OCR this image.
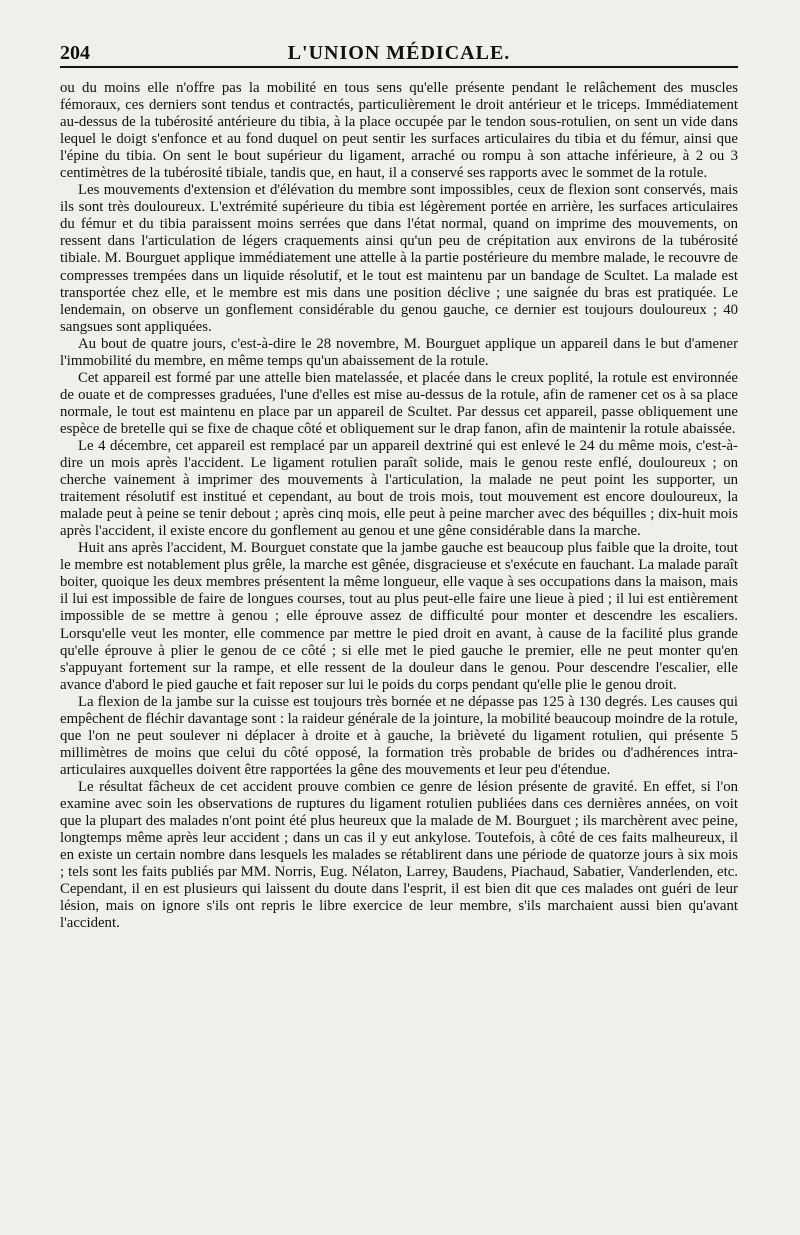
204	L'UNION MÉDICALE.

ou du moins elle n'offre pas la mobilité en tous sens qu'elle présente pendant le relâchement des muscles fémoraux, ces derniers sont tendus et contractés, particulièrement le droit antérieur et le triceps. Immédiatement au-dessus de la tubérosité antérieure du tibia, à la place occupée par le tendon sous-rotulien, on sent un vide dans lequel le doigt s'enfonce et au fond duquel on peut sentir les surfaces articulaires du tibia et du fémur, ainsi que l'épine du tibia. On sent le bout supérieur du ligament, arraché ou rompu à son attache inférieure, à 2 ou 3 centimètres de la tubérosité tibiale, tandis que, en haut, il a conservé ses rapports avec le sommet de la rotule.

Les mouvements d'extension et d'élévation du membre sont impossibles, ceux de flexion sont conservés, mais ils sont très douloureux. L'extrémité supérieure du tibia est légèrement portée en arrière, les surfaces articulaires du fémur et du tibia paraissent moins serrées que dans l'état normal, quand on imprime des mouvements, on ressent dans l'articulation de légers craquements ainsi qu'un peu de crépitation aux environs de la tubérosité tibiale. M. Bourguet applique immédiatement une attelle à la partie postérieure du membre malade, le recouvre de compresses trempées dans un liquide résolutif, et le tout est maintenu par un bandage de Scultet. La malade est transportée chez elle, et le membre est mis dans une position déclive ; une saignée du bras est pratiquée. Le lendemain, on observe un gonflement considérable du genou gauche, ce dernier est toujours douloureux ; 40 sangsues sont appliquées.

Au bout de quatre jours, c'est-à-dire le 28 novembre, M. Bourguet applique un appareil dans le but d'amener l'immobilité du membre, en même temps qu'un abaissement de la rotule.

Cet appareil est formé par une attelle bien matelassée, et placée dans le creux poplité, la rotule est environnée de ouate et de compresses graduées, l'une d'elles est mise au-dessus de la rotule, afin de ramener cet os à sa place normale, le tout est maintenu en place par un appareil de Scultet. Par dessus cet appareil, passe obliquement une espèce de bretelle qui se fixe de chaque côté et obliquement sur le drap fanon, afin de maintenir la rotule abaissée.

Le 4 décembre, cet appareil est remplacé par un appareil dextriné qui est enlevé le 24 du même mois, c'est-à-dire un mois après l'accident. Le ligament rotulien paraît solide, mais le genou reste enflé, douloureux ; on cherche vainement à imprimer des mouvements à l'articulation, la malade ne peut point les supporter, un traitement résolutif est institué et cependant, au bout de trois mois, tout mouvement est encore douloureux, la malade peut à peine se tenir debout ; après cinq mois, elle peut à peine marcher avec des béquilles ; dix-huit mois après l'accident, il existe encore du gonflement au genou et une gêne considérable dans la marche.

Huit ans après l'accident, M. Bourguet constate que la jambe gauche est beaucoup plus faible que la droite, tout le membre est notablement plus grêle, la marche est gênée, disgracieuse et s'exécute en fauchant. La malade paraît boiter, quoique les deux membres présentent la même longueur, elle vaque à ses occupations dans la maison, mais il lui est impossible de faire de longues courses, tout au plus peut-elle faire une lieue à pied ; il lui est entièrement impossible de se mettre à genou ; elle éprouve assez de difficulté pour monter et descendre les escaliers. Lorsqu'elle veut les monter, elle commence par mettre le pied droit en avant, à cause de la facilité plus grande qu'elle éprouve à plier le genou de ce côté ; si elle met le pied gauche le premier, elle ne peut monter qu'en s'appuyant fortement sur la rampe, et elle ressent de la douleur dans le genou. Pour descendre l'escalier, elle avance d'abord le pied gauche et fait reposer sur lui le poids du corps pendant qu'elle plie le genou droit.

La flexion de la jambe sur la cuisse est toujours très bornée et ne dépasse pas 125 à 130 degrés. Les causes qui empêchent de fléchir davantage sont : la raideur générale de la jointure, la mobilité beaucoup moindre de la rotule, que l'on ne peut soulever ni déplacer à droite et à gauche, la brièveté du ligament rotulien, qui présente 5 millimètres de moins que celui du côté opposé, la formation très probable de brides ou d'adhérences intra-articulaires auxquelles doivent être rapportées la gêne des mouvements et leur peu d'étendue.

Le résultat fâcheux de cet accident prouve combien ce genre de lésion présente de gravité. En effet, si l'on examine avec soin les observations de ruptures du ligament rotulien publiées dans ces dernières années, on voit que la plupart des malades n'ont point été plus heureux que la malade de M. Bourguet ; ils marchèrent avec peine, longtemps même après leur accident ; dans un cas il y eut ankylose. Toutefois, à côté de ces faits malheureux, il en existe un certain nombre dans lesquels les malades se rétablirent dans une période de quatorze jours à six mois ; tels sont les faits publiés par MM. Norris, Eug. Nélaton, Larrey, Baudens, Piachaud, Sabatier, Vanderlenden, etc. Cependant, il en est plusieurs qui laissent du doute dans l'esprit, il est bien dit que ces malades ont guéri de leur lésion, mais on ignore s'ils ont repris le libre exercice de leur membre, s'ils marchaient aussi bien qu'avant l'accident.
